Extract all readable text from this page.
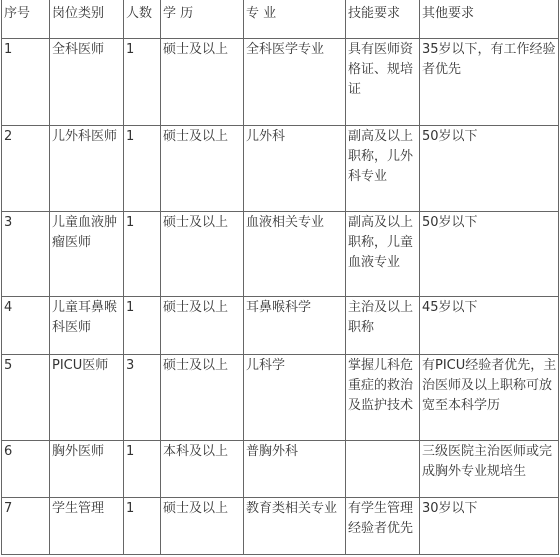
序号	岗位类别	人数	学 历	专 业	技能要求	其他要求
1	全科医师	1	硕士及以上	全科医学专业	具有医师资格证、规培证	35岁以下，有工作经验者优先
2	儿外科医师	1	硕士及以上	儿外科	副高及以上职称，儿外科专业	50岁以下
3	儿童血液肿瘤医师	1	硕士及以上	血液相关专业	副高及以上职称，儿童血液专业	50岁以下
4	儿童耳鼻喉科医师	1	硕士及以上	耳鼻喉科学	主治及以上职称	45岁以下
5	PICU医师	3	硕士及以上	儿科学	掌握儿科危重症的救治及监护技术	有PICU经验者优先，主治医师及以上职称可放宽至本科学历
6	胸外医师	1	本科及以上	普胸外科		三级医院主治医师或完成胸外专业规培生
7	学生管理	1	硕士及以上	教育类相关专业	有学生管理经验者优先	30岁以下
